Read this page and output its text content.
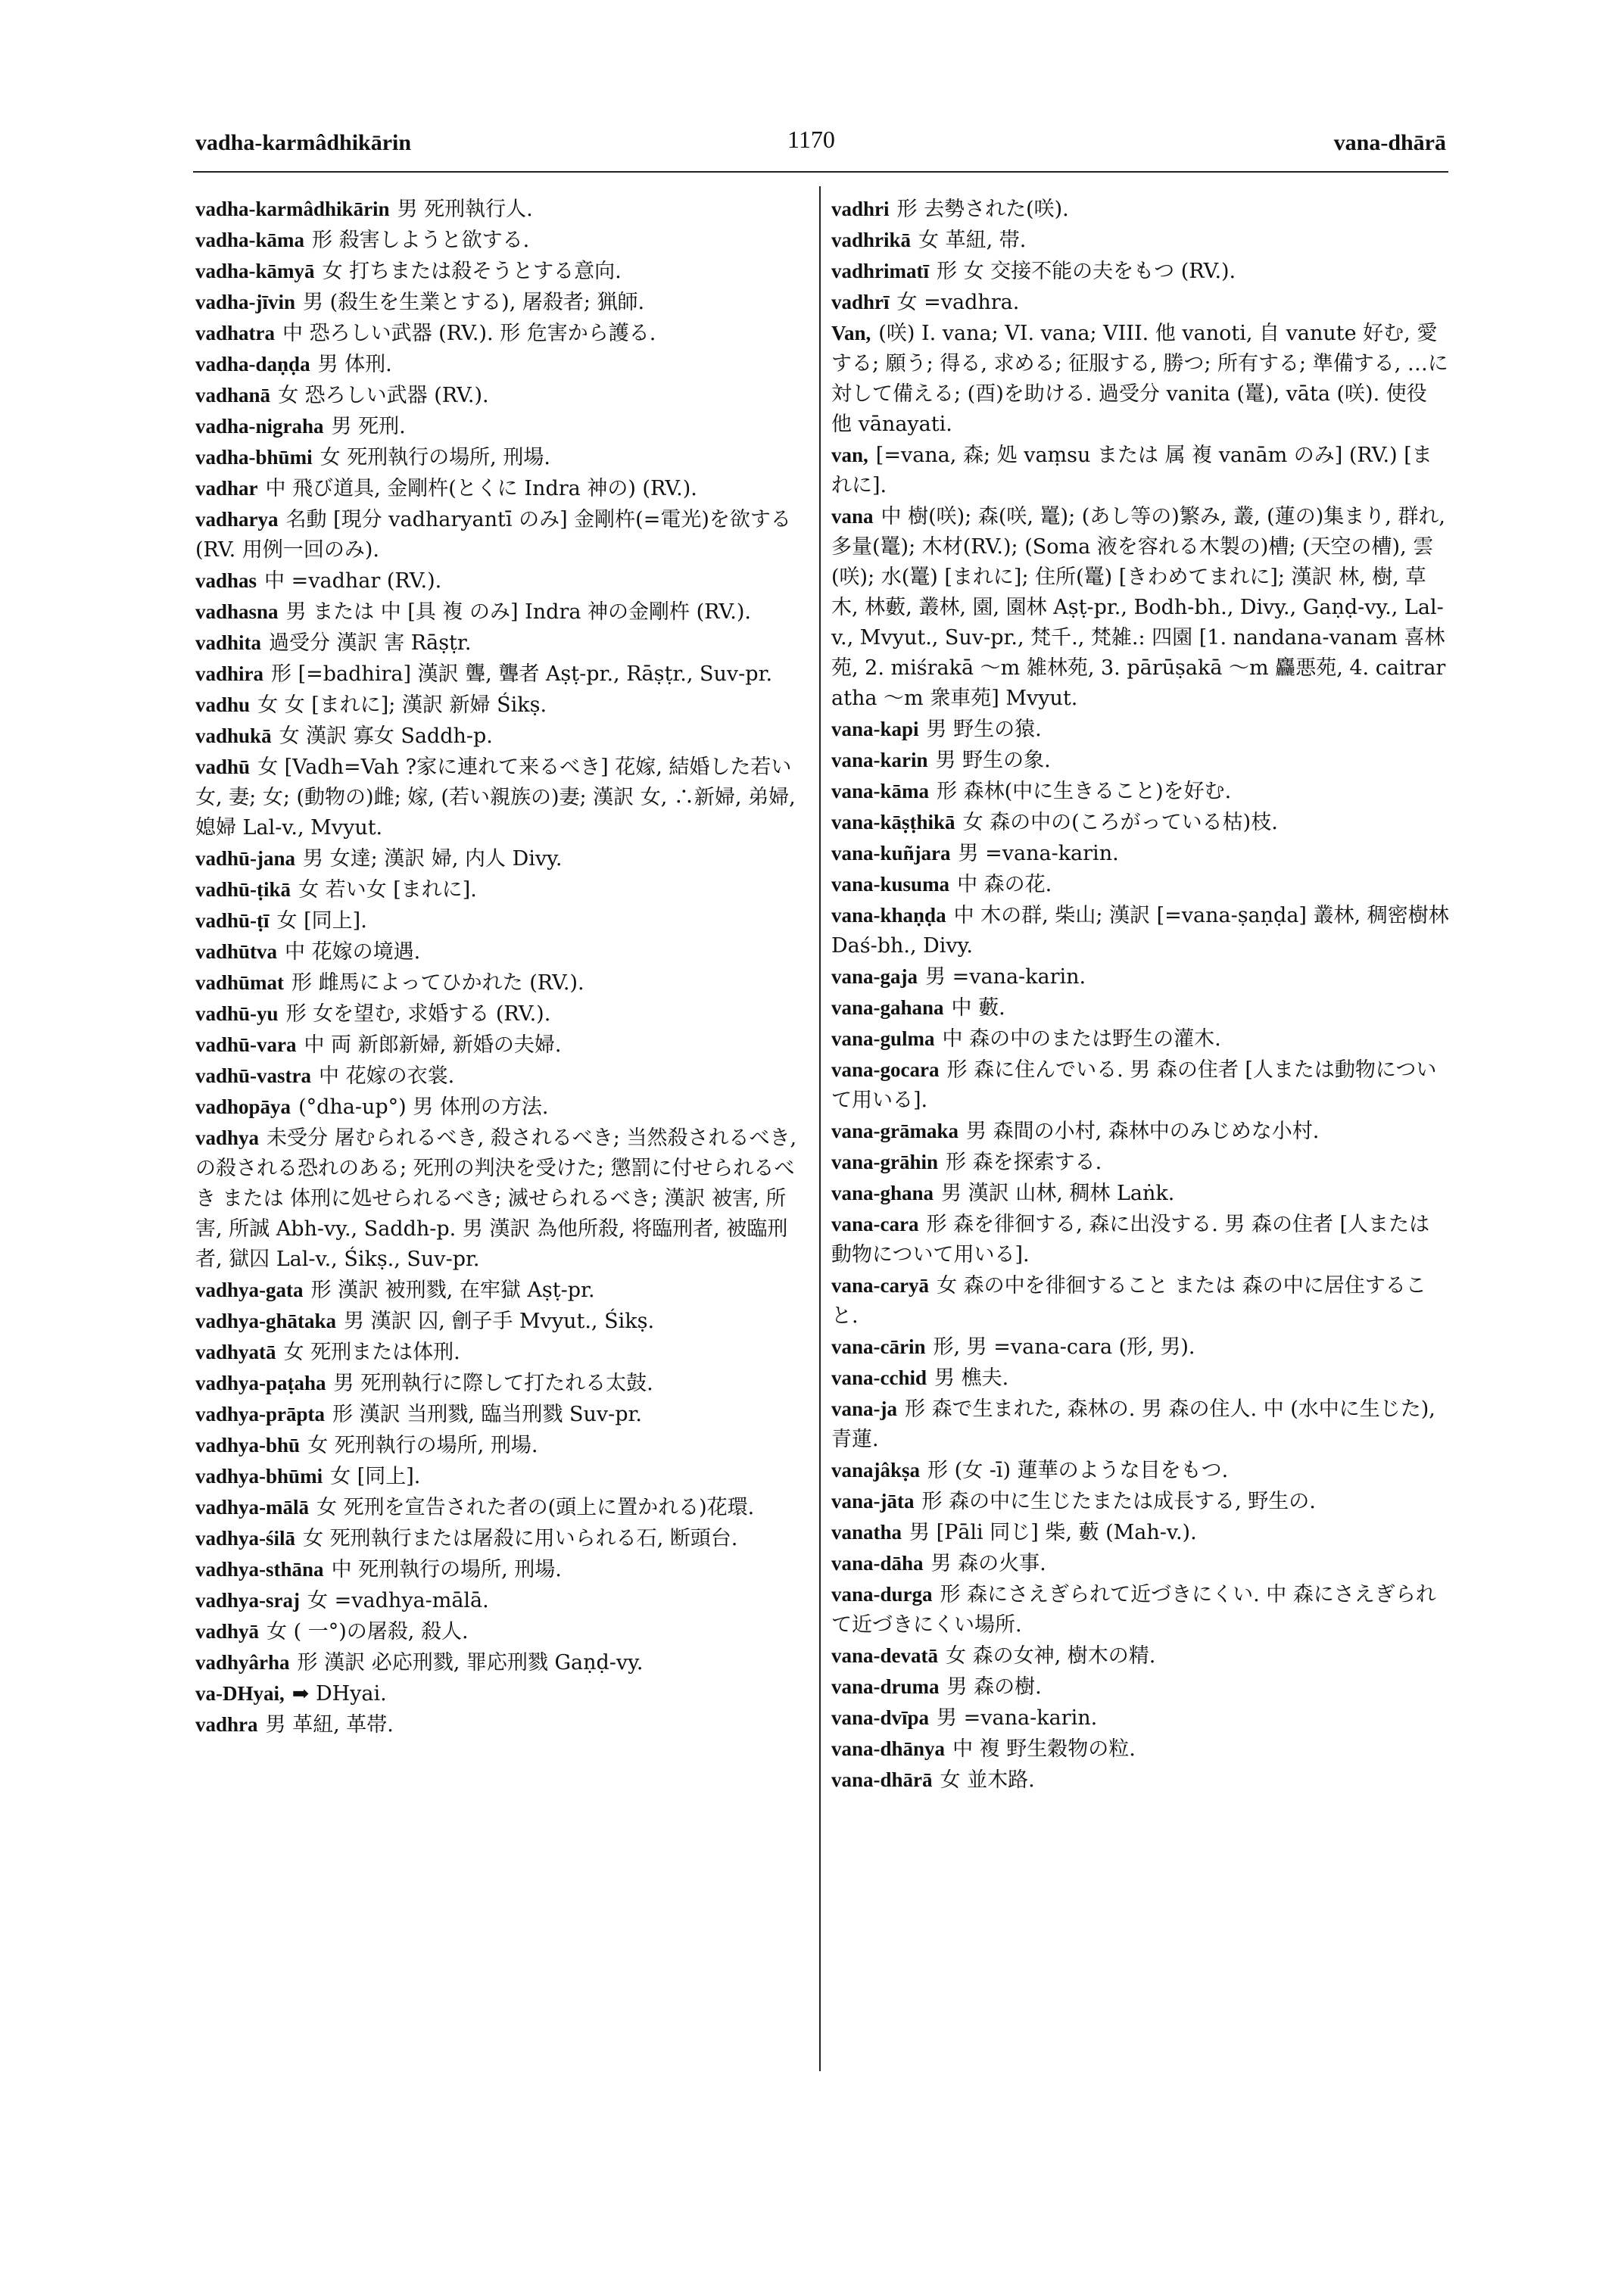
vadha-karmâdhikārin	1170	vana-dhārā
vadha-karmâdhikārin 男 死刑執行人.
vadha-kāma 形 殺害しようと欲する.
vadha-kāmyā 女 打ちまたは殺そうとする意向.
vadha-jīvin 男 (殺生を生業とする), 屠殺者; 猟師.
vadhatra 中 恐ろしい武器 (RV.). 形 危害から護る.
vadha-daṇḍa 男 体刑.
vadhanā 女 恐ろしい武器 (RV.).
vadha-nigraha 男 死刑.
vadha-bhūmi 女 死刑執行の場所, 刑場.
vadhar 中 飛び道具, 金剛杵(とくに Indra 神の) (RV.).
vadharya 名動 [現分 vadharyantī のみ] 金剛杵(=電光)を欲する (RV. 用例一回のみ).
vadhas 中 =vadhar (RV.).
vadhasna 男 または 中 [具 複 のみ] Indra 神の金剛杵 (RV.).
vadhita 過受分 漢訳 害 Rāṣṭr.
vadhira 形 [=badhira] 漢訳 聾, 聾者 Aṣṭ-pr., Rāṣṭr., Suv-pr.
vadhu 女 女 [まれに]; 漢訳 新婦 Śikṣ.
vadhukā 女 漢訳 寡女 Saddh-p.
vadhū 女 [Vadh=Vah ?家に連れて来るべき] 花嫁, 結婚した若い女, 妻; 女; (動物の)雌; 嫁, (若い親族の)妻; 漢訳 女, ∴新婦, 弟婦, 媳婦 Lal-v., Mvyut.
vadhū-jana 男 女達; 漢訳 婦, 内人 Divy.
vadhū-ṭikā 女 若い女 [まれに].
vadhū-ṭī 女 [同上].
vadhūtva 中 花嫁の境遇.
vadhūmat 形 雌馬によってひかれた (RV.).
vadhū-yu 形 女を望む, 求婚する (RV.).
vadhū-vara 中 両 新郎新婦, 新婚の夫婦.
vadhū-vastra 中 花嫁の衣裳.
vadhopāya (°dha-up°) 男 体刑の方法.
vadhya 未受分 屠むられるべき, 殺されるべき; 当然殺されるべき, の殺される恐れのある; 死刑の判決を受けた; 懲罰に付せられるべき または 体刑に処せられるべき; 滅せられるべき; 漢訳 被害, 所害, 所誠 Abh-vy., Saddh-p. 男 漢訳 為他所殺, 将臨刑者, 被臨刑者, 獄囚 Lal-v., Śikṣ., Suv-pr.
vadhya-gata 形 漢訳 被刑戮, 在牢獄 Aṣṭ-pr.
vadhya-ghātaka 男 漢訳 囚, 劊子手 Mvyut., Śikṣ.
vadhyatā 女 死刑または体刑.
vadhya-paṭaha 男 死刑執行に際して打たれる太鼓.
vadhya-prāpta 形 漢訳 当刑戮, 臨当刑戮 Suv-pr.
vadhya-bhū 女 死刑執行の場所, 刑場.
vadhya-bhūmi 女 [同上].
vadhya-mālā 女 死刑を宣告された者の(頭上に置かれる)花環.
vadhya-śilā 女 死刑執行または屠殺に用いられる石, 断頭台.
vadhya-sthāna 中 死刑執行の場所, 刑場.
vadhya-sraj 女 =vadhya-mālā.
vadhyā 女 ( 一°)の屠殺, 殺人.
vadhyârha 形 漢訳 必応刑戮, 罪応刑戮 Gaṇḍ-vy.
va-DHyai, ➡ DHyai.
vadhra 男 革紐, 革帯.
vadhri 形 去勢された(咲).
vadhrikā 女 革紐, 帯.
vadhrimatī 形 女 交接不能の夫をもつ (RV.).
vadhrī 女 =vadhra.
Van, (咲) I. vana; VI. vana; VIII. 他 vanoti, 自 vanute 好む, 愛する; 願う; 得る, 求める; 征服する, 勝つ; 所有する; 準備する, …に対して備える; (酉)を助ける. 過受分 vanita (鼍), vāta (咲). 使役 他 vānayati.
van, [=vana, 森; 処 vaṃsu または 属 複 vanām のみ] (RV.) [まれに].
vana 中 樹(咲); 森(咲, 鼍); (あし等の)繁み, 叢, (蓮の)集まり, 群れ, 多量(鼍); 木材(RV.); (Soma 液を容れる木製の)槽; (天空の槽), 雲(咲); 水(鼍) [まれに]; 住所(鼍) [きわめてまれに]; 漢訳 林, 樹, 草木, 林藪, 叢林, 園, 園林 Aṣṭ-pr., Bodh-bh., Divy., Gaṇḍ-vy., Lal-v., Mvyut., Suv-pr., 梵千., 梵雑.: 四園 [1. nandana-vanam 喜林苑, 2. miśrakā ～m 雑林苑, 3. pārūṣakā ～m 麤悪苑, 4. caitraratha ～m 衆車苑] Mvyut.
vana-kapi 男 野生の猿.
vana-karin 男 野生の象.
vana-kāma 形 森林(中に生きること)を好む.
vana-kāṣṭhikā 女 森の中の(ころがっている枯)枝.
vana-kuñjara 男 =vana-karin.
vana-kusuma 中 森の花.
vana-khaṇḍa 中 木の群, 柴山; 漢訳 [=vana-ṣaṇḍa] 叢林, 稠密樹林 Daś-bh., Divy.
vana-gaja 男 =vana-karin.
vana-gahana 中 藪.
vana-gulma 中 森の中のまたは野生の灌木.
vana-gocara 形 森に住んでいる. 男 森の住者 [人または動物について用いる].
vana-grāmaka 男 森間の小村, 森林中のみじめな小村.
vana-grāhin 形 森を探索する.
vana-ghana 男 漢訳 山林, 稠林 Laṅk.
vana-cara 形 森を徘徊する, 森に出没する. 男 森の住者 [人または動物について用いる].
vana-caryā 女 森の中を徘徊すること または 森の中に居住すること.
vana-cārin 形, 男 =vana-cara (形, 男).
vana-cchid 男 樵夫.
vana-ja 形 森で生まれた, 森林の. 男 森の住人. 中 (水中に生じた), 青蓮.
vanajâkṣa 形 (女 -ī) 蓮華のような目をもつ.
vana-jāta 形 森の中に生じたまたは成長する, 野生の.
vanatha 男 [Pāli 同じ] 柴, 藪 (Mah-v.).
vana-dāha 男 森の火事.
vana-durga 形 森にさえぎられて近づきにくい. 中 森にさえぎられて近づきにくい場所.
vana-devatā 女 森の女神, 樹木の精.
vana-druma 男 森の樹.
vana-dvīpa 男 =vana-karin.
vana-dhānya 中 複 野生穀物の粒.
vana-dhārā 女 並木路.
